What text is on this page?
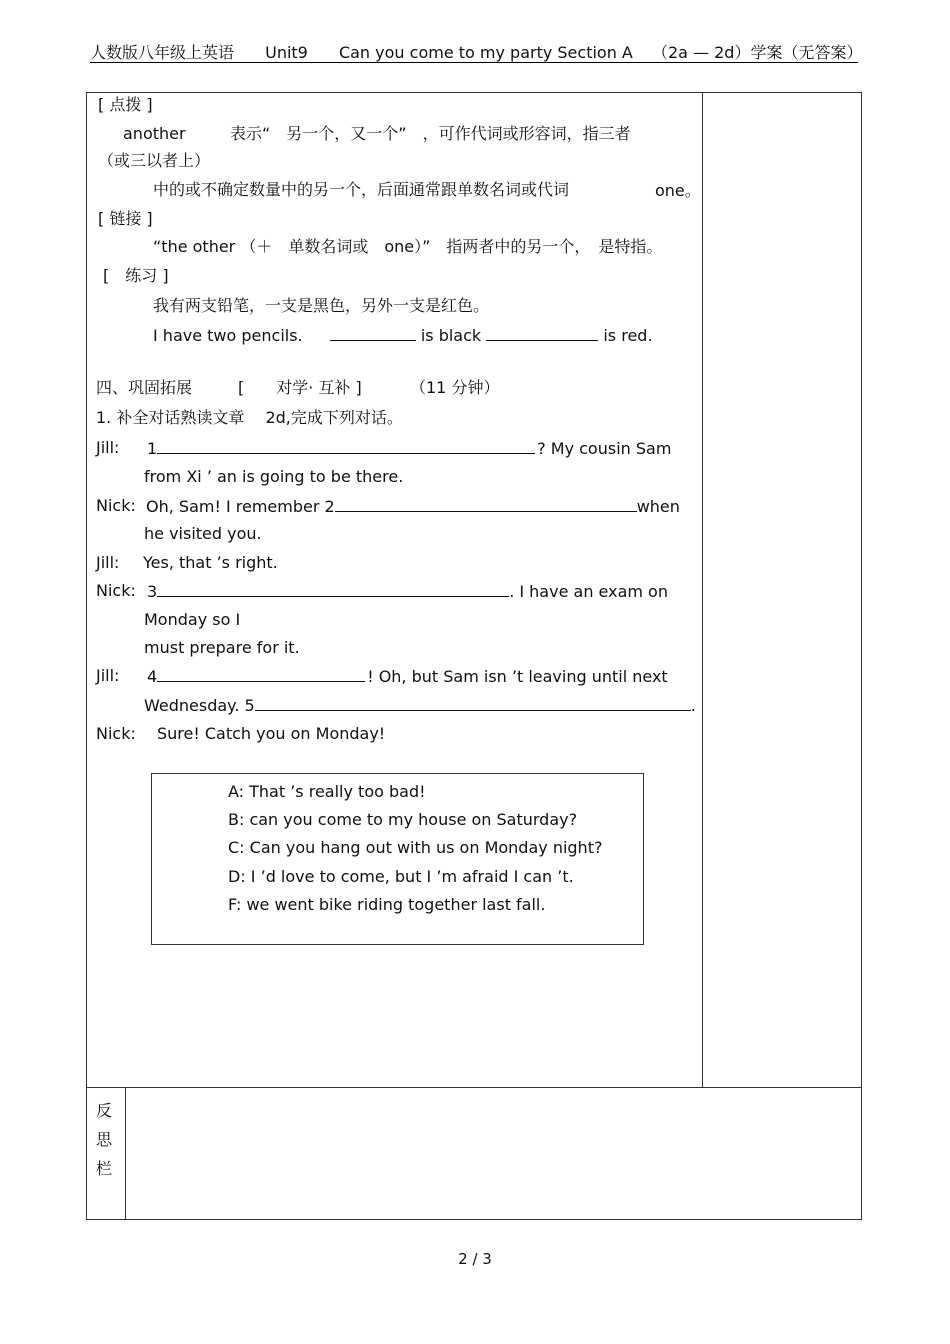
人数版八年级上英语 Unit9 Can you come to my party Section A （2a — 2d）学案（无答案）
[ 点拨 ]
another	表示“　另一个，又一个”　，可作代词或形容词，指三者
（或三以者上）
中的或不确定数量中的另一个，后面通常跟单数名词或代词	one。
[ 链接 ]
“the other （＋　单数名词或　one）”　指两者中的另一个，　是特指。
[　练习 ]
我有两支铅笔，一支是黑色，另外一支是红色。
I have two pencils.	is black	is red.
四、巩固拓展	[　　对学· 互补 ]	（11 分钟）
1. 补全对话熟读文章　 2d,完成下列对话。
Jill: 1	? My cousin Sam
from Xi ’ an is going to be there.
Nick: Oh, Sam! I remember 2	when
he visited you.
Jill: Yes, that ’s right.
Nick: 3	. I have an exam on
Monday so I
must prepare for it.
Jill: 4	! Oh, but Sam isn ’t leaving until next
Wednesday. 5	.
Nick: Sure! Catch you on Monday!
A: That ’s really too bad!
B: can you come to my house on Saturday?
C: Can you hang out with us on Monday night?
D: I ’d love to come, but I ’m afraid I can ’t.
F: we went bike riding together last fall.
反
思
栏
2 / 3
